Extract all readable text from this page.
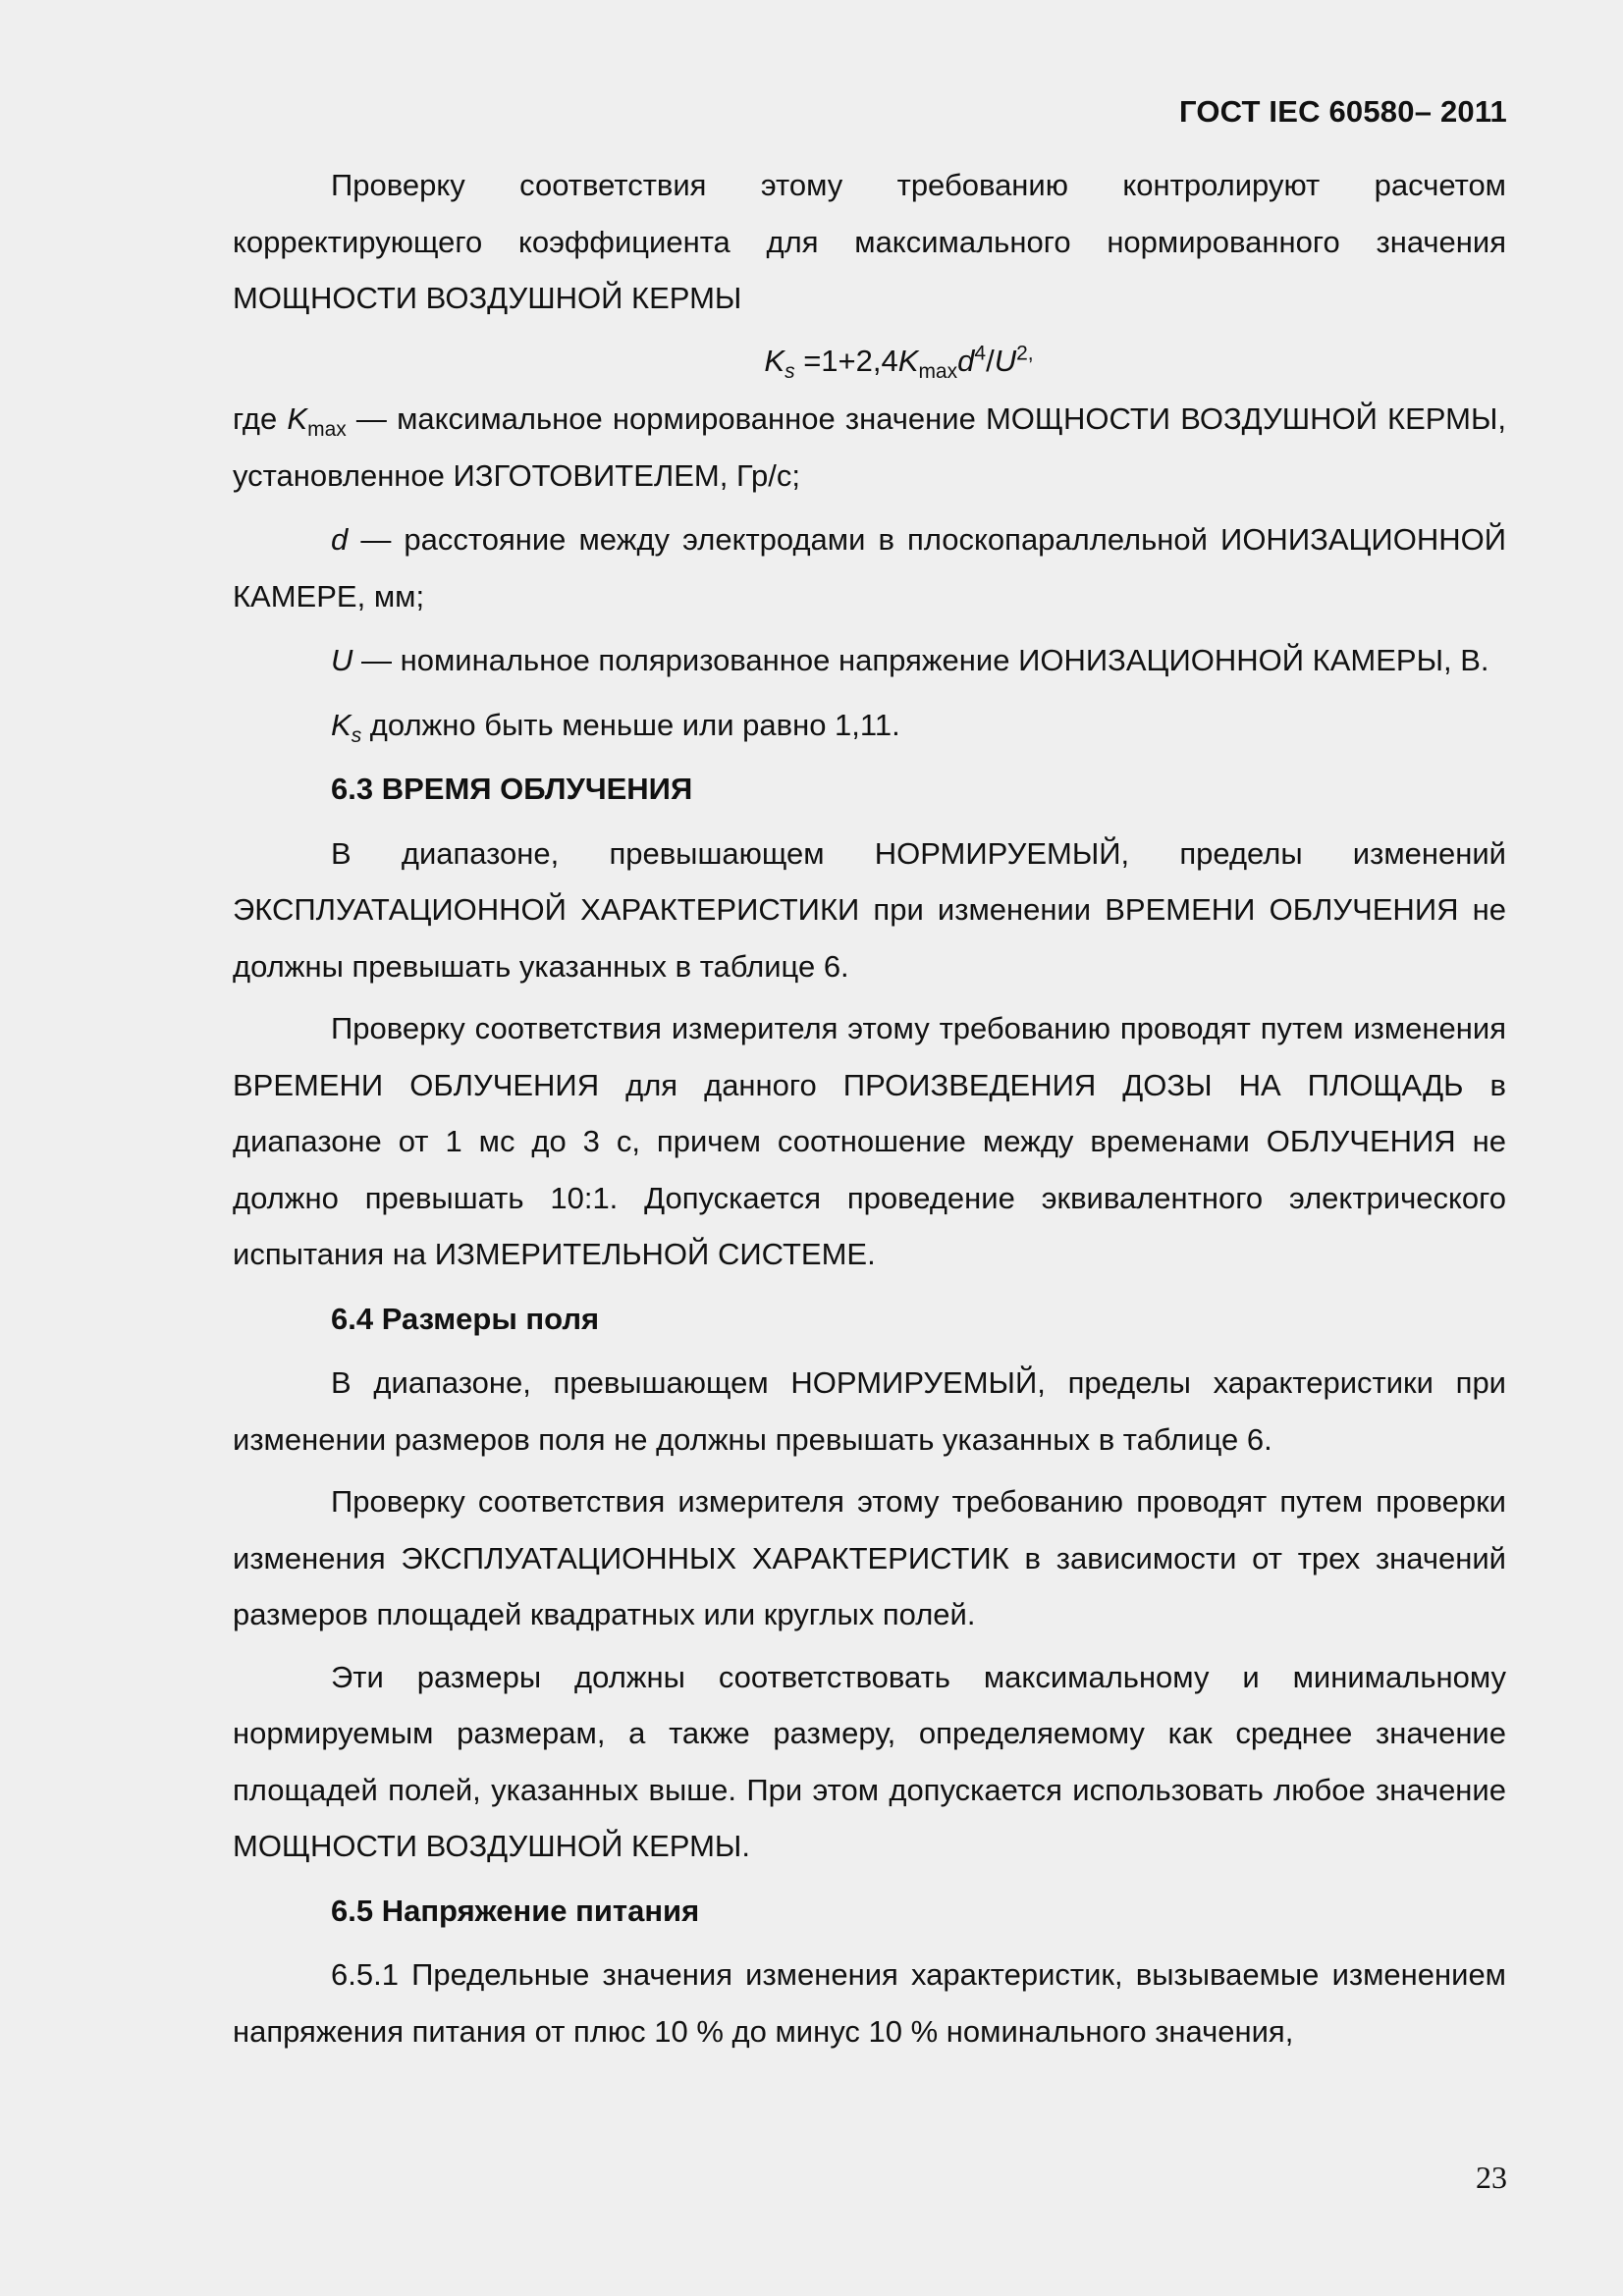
ГОСТ IEC 60580– 2011

Проверку соответствия этому требованию контролируют расчетом корректирующего коэффициента для максимального нормированного значения МОЩНОСТИ ВОЗДУШНОЙ КЕРМЫ

$K_s =1+2,4K_{max}d^4/U^{2,}$

где $K_{max}$ — максимальное нормированное значение МОЩНОСТИ ВОЗДУШНОЙ КЕРМЫ, установленное ИЗГОТОВИТЕЛЕМ, Гр/с;

d — расстояние между электродами в плоскопараллельной ИОНИЗАЦИОННОЙ КАМЕРЕ, мм;

U — номинальное поляризованное напряжение ИОНИЗАЦИОННОЙ КАМЕРЫ, В.

$K_s$ должно быть меньше или равно 1,11.

6.3 ВРЕМЯ ОБЛУЧЕНИЯ

В диапазоне, превышающем НОРМИРУЕМЫЙ, пределы изменений ЭКСПЛУАТАЦИОННОЙ ХАРАКТЕРИСТИКИ при изменении ВРЕМЕНИ ОБЛУЧЕНИЯ не должны превышать указанных в таблице 6.

Проверку соответствия измерителя этому требованию проводят путем изменения ВРЕМЕНИ ОБЛУЧЕНИЯ для данного ПРОИЗВЕДЕНИЯ ДОЗЫ НА ПЛОЩАДЬ в диапазоне от 1 мс до 3 с, причем соотношение между временами ОБЛУЧЕНИЯ не должно превышать 10:1. Допускается проведение эквивалентного электрического испытания на ИЗМЕРИТЕЛЬНОЙ СИСТЕМЕ.

6.4 Размеры поля

В диапазоне, превышающем НОРМИРУЕМЫЙ, пределы характеристики при изменении размеров поля не должны превышать указанных в таблице 6.

Проверку соответствия измерителя этому требованию проводят путем проверки изменения ЭКСПЛУАТАЦИОННЫХ ХАРАКТЕРИСТИК в зависимости от трех значений размеров площадей квадратных или круглых полей.

Эти размеры должны соответствовать максимальному и минимальному нормируемым размерам, а также размеру, определяемому как среднее значение площадей полей, указанных выше. При этом допускается использовать любое значение МОЩНОСТИ ВОЗДУШНОЙ КЕРМЫ.

6.5 Напряжение питания

6.5.1 Предельные значения изменения характеристик, вызываемые изменением напряжения питания от плюс 10 % до минус 10 % номинального значения,

23
